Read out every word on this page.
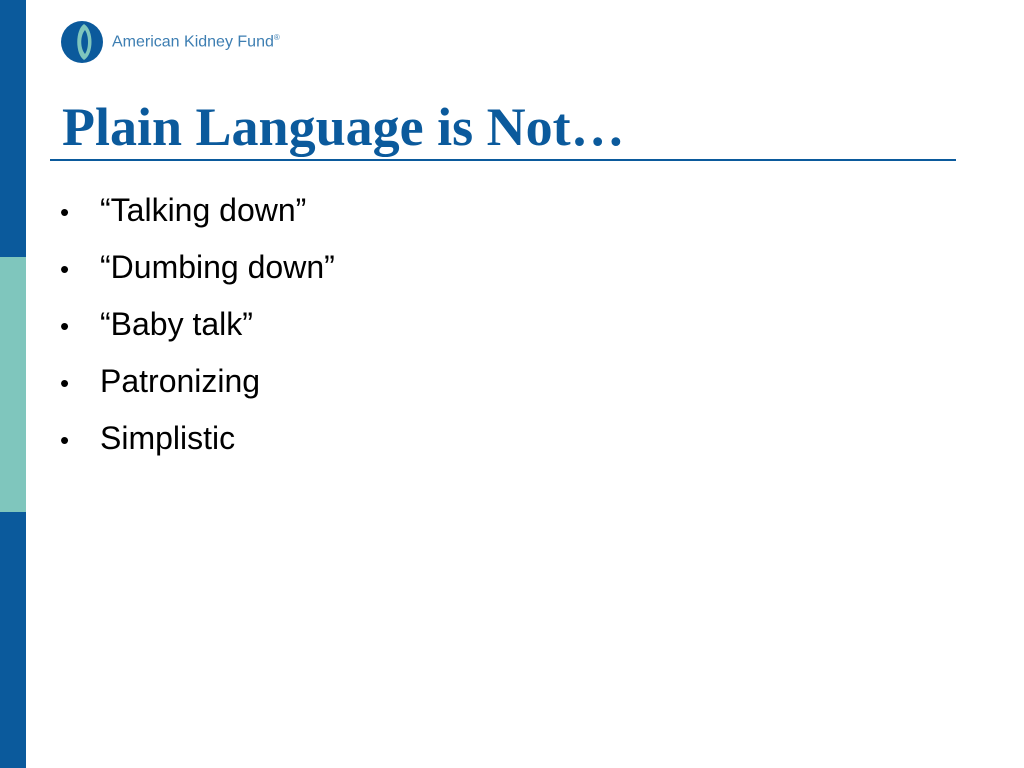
American Kidney Fund®
Plain Language is Not…
• “Talking down”
• “Dumbing down”
• “Baby talk”
• Patronizing
• Simplistic
